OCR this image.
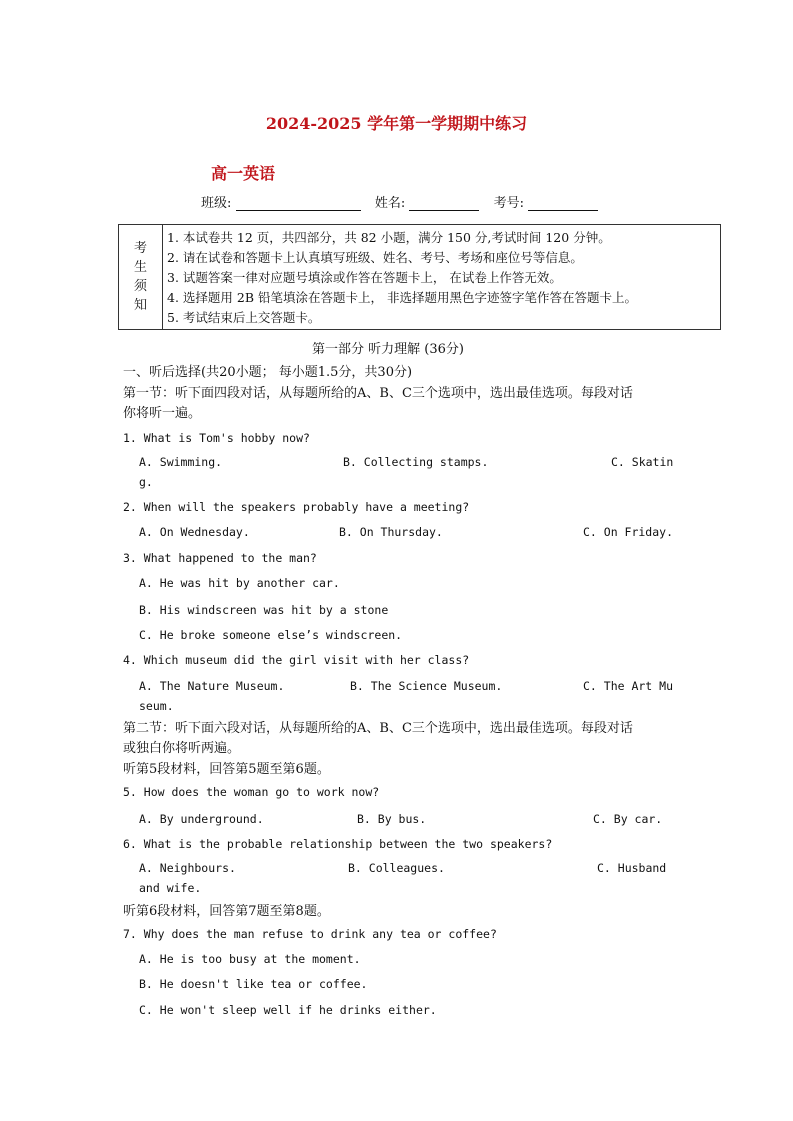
2024-2025 学年第一学期期中练习
高一英语
班级:	姓名:	考号:
考
生
须
知
1. 本试卷共 12 页，共四部分，共 82 小题，满分 150 分,考试时间 120 分钟。
2. 请在试卷和答题卡上认真填写班级、姓名、考号、考场和座位号等信息。
3. 试题答案一律对应题号填涂或作答在答题卡上， 在试卷上作答无效。
4. 选择题用 2B 铅笔填涂在答题卡上， 非选择题用黑色字迹签字笔作答在答题卡上。
5. 考试结束后上交答题卡。
第一部分 听力理解 (36分)
一、听后选择(共20小题； 每小题1.5分，共30分)
第一节：听下面四段对话，从每题所给的A、B、C三个选项中，选出最佳选项。每段对话
你将听一遍。
1. What is Tom's hobby now?
A. Swimming.	B. Collecting stamps.	C. Skatin
g.
2. When will the speakers probably have a meeting?
A. On Wednesday.	B. On Thursday.	C. On Friday.
3. What happened to the man?
A. He was hit by another car.
B. His windscreen was hit by a stone
C. He broke someone else’s windscreen.
4. Which museum did the girl visit with her class?
A. The Nature Museum.	B. The Science Museum.	C. The Art Mu
seum.
第二节：听下面六段对话，从每题所给的A、B、C三个选项中，选出最佳选项。每段对话
或独白你将听两遍。
听第5段材料，回答第5题至第6题。
5. How does the woman go to work now?
A. By underground.	B. By bus.	C. By car.
6. What is the probable relationship between the two speakers?
A. Neighbours.	B. Colleagues.	C. Husband
and wife.
听第6段材料，回答第7题至第8题。
7. Why does the man refuse to drink any tea or coffee?
A. He is too busy at the moment.
B. He doesn't like tea or coffee.
C. He won't sleep well if he drinks either.
